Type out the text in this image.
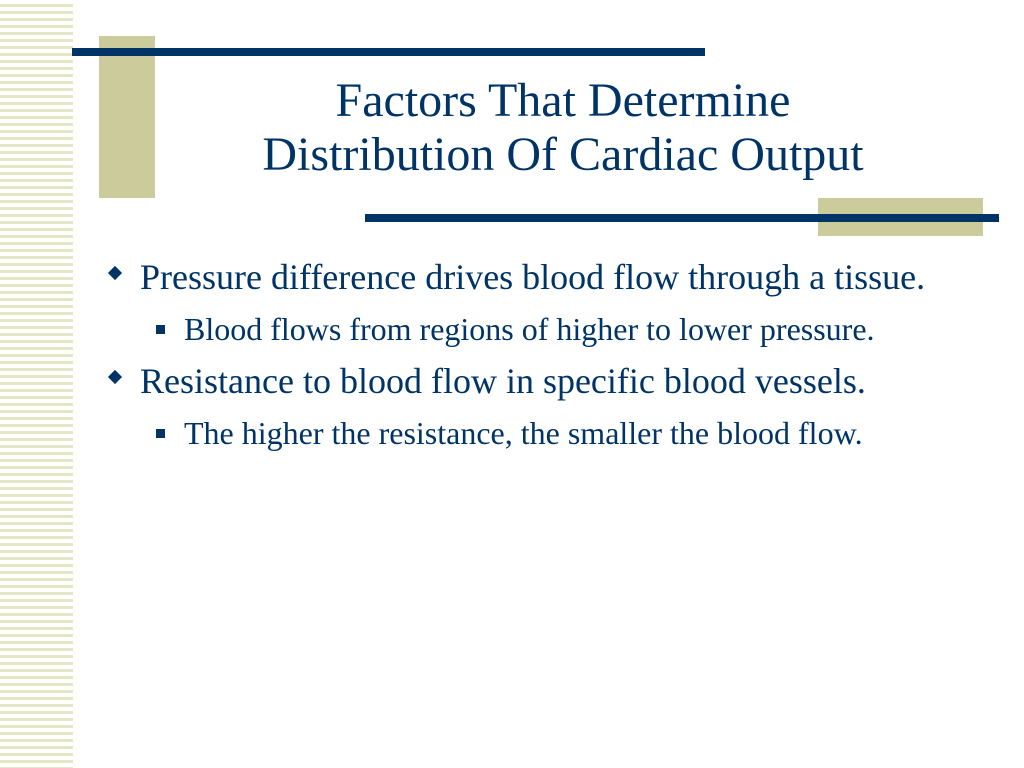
Factors That Determine
Distribution Of Cardiac Output
Pressure difference drives blood flow through a tissue.
Blood flows from regions of higher to lower pressure.
Resistance to blood flow in specific blood vessels.
The higher the resistance, the smaller the blood flow.
